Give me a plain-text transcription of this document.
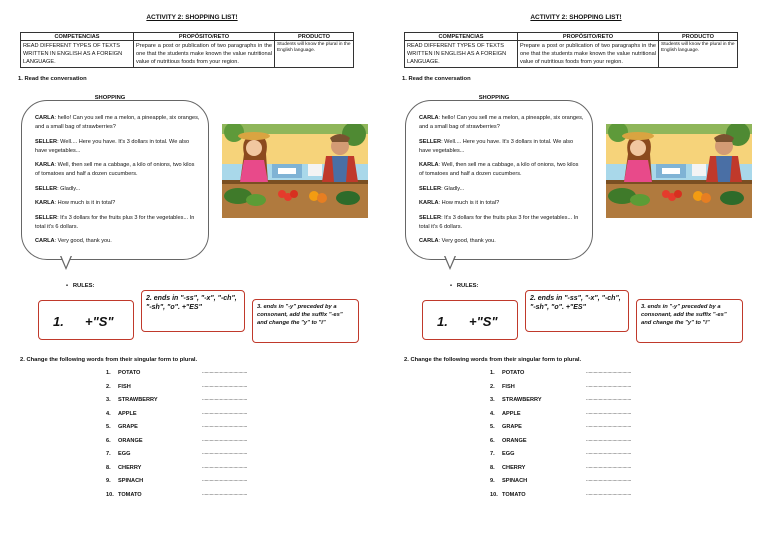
ACTIVITY 2: SHOPPING LIST!
COMPETENCIAS	PROPÓSITO/RETO	PRODUCTO
READ DIFFERENT TYPES OF TEXTS WRITTEN IN ENGLISH AS A FOREIGN LANGUAGE.	Prepare a post or publication of two paragraphs in the one that the students make known the value nutritional value of nutritious foods from your region.	Students will know the plural in the English language.
1. Read the conversation
SHOPPING

CARLA: hello! Can you sell me a melon, a pineapple, six oranges, and a small bag of strawberries?

SELLER: Well.... Here you have. It's 3 dollars in total. We also have vegetables...

KARLA: Well, then sell me a cabbage, a kilo of onions, two kilos of tomatoes and half a dozen cucumbers.

SELLER: Gladly...

KARLA: How much is it in total?

SELLER: It's 3 dollars for the fruits plus 3 for the vegetables... In total it's 6 dollars.

CARLA: Very good, thank you.

•   RULES:
1. +"S"
2. ends in "-ss", "-x", "-ch", "-sh", "o". +"ES"	3. ends in "-y" preceded by a consonant, add the suffix "-es" and change the "y" to "i"
2. Change the following words from their singular form to plural.
1. POTATO	....................................
2. FISH	....................................
3. STRAWBERRY	....................................
4. APPLE	....................................
5. GRAPE	....................................
6. ORANGE	....................................
7. EGG	....................................
8. CHERRY	....................................
9. SPINACH	....................................
10. TOMATO	....................................
ACTIVITY 2: SHOPPING LIST!
COMPETENCIAS	PROPÓSITO/RETO	PRODUCTO
READ DIFFERENT TYPES OF TEXTS WRITTEN IN ENGLISH AS A FOREIGN LANGUAGE.	Prepare a post or publication of two paragraphs in the one that the students make known the value nutritional value of nutritious foods from your region.	Students will know the plural in the English language.
1. Read the conversation
SHOPPING

CARLA: hello! Can you sell me a melon, a pineapple, six oranges, and a small bag of strawberries?

SELLER: Well.... Here you have. It's 3 dollars in total. We also have vegetables...

KARLA: Well, then sell me a cabbage, a kilo of onions, two kilos of tomatoes and half a dozen cucumbers.

SELLER: Gladly...

KARLA: How much is it in total?

SELLER: It's 3 dollars for the fruits plus 3 for the vegetables... In total it's 6 dollars.

CARLA: Very good, thank you.

•   RULES:
1. +"S"
2. ends in "-ss", "-x", "-ch", "-sh", "o". +"ES"	3. ends in "-y" preceded by a consonant, add the suffix "-es" and change the "y" to "i"
2. Change the following words from their singular form to plural.
1. POTATO	....................................
2. FISH	....................................
3. STRAWBERRY	....................................
4. APPLE	....................................
5. GRAPE	....................................
6. ORANGE	....................................
7. EGG	....................................
8. CHERRY	....................................
9. SPINACH	....................................
10. TOMATO	....................................
